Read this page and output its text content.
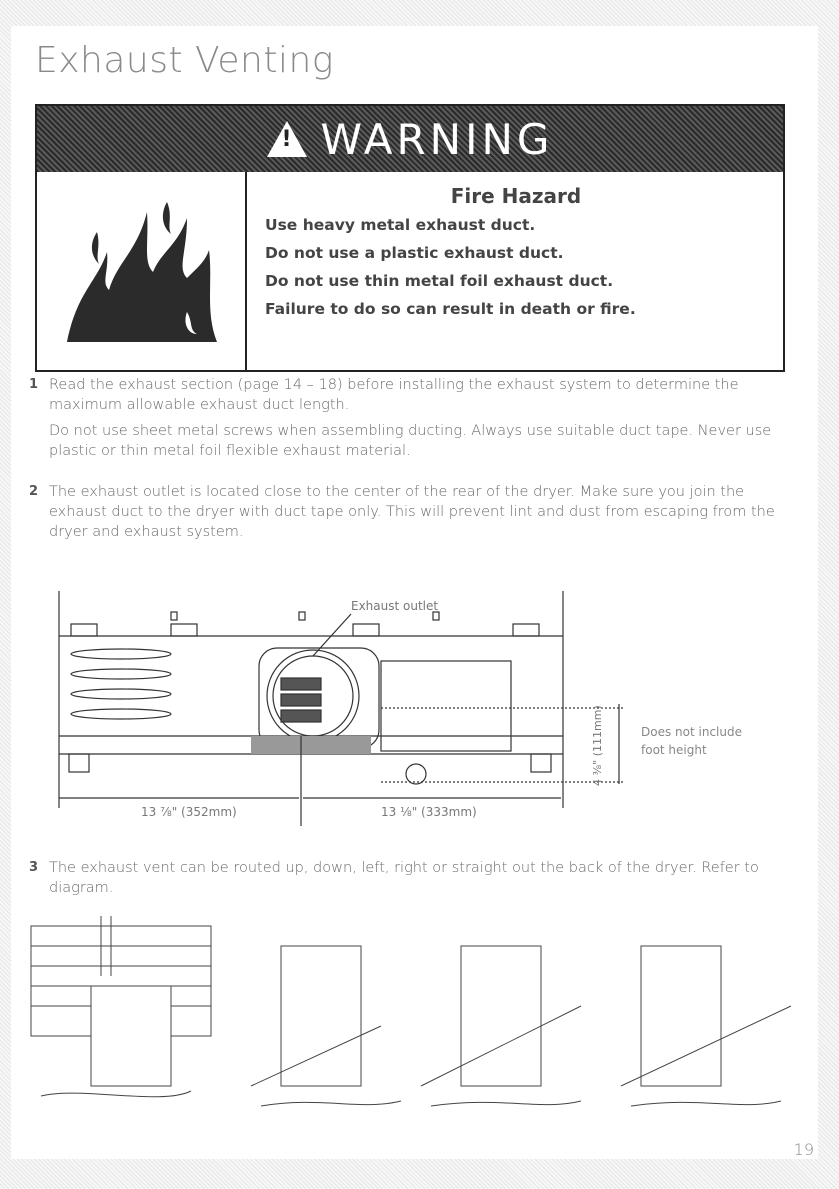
Exhaust Venting
! WARNING
Fire Hazard
Use heavy metal exhaust duct.
Do not use a plastic exhaust duct.
Do not use thin metal foil exhaust duct.
Failure to do so can result in death or fire.
1 Read the exhaust section (page 14 – 18) before installing the exhaust system to determine the maximum allowable exhaust duct length.

Do not use sheet metal screws when assembling ducting. Always use suitable duct tape. Never use plastic or thin metal foil flexible exhaust material.

2 The exhaust outlet is located close to the center of the rear of the dryer. Make sure you join the exhaust duct to the dryer with duct tape only. This will prevent lint and dust from escaping from the dryer and exhaust system.

Exhaust outlet
13 ⅞" (352mm)	13 ⅛" (333mm)
4 ⅜" (111mm)	Does not include
foot height
3 The exhaust vent can be routed up, down, left, right or straight out the back of the dryer. Refer to diagram.

19
